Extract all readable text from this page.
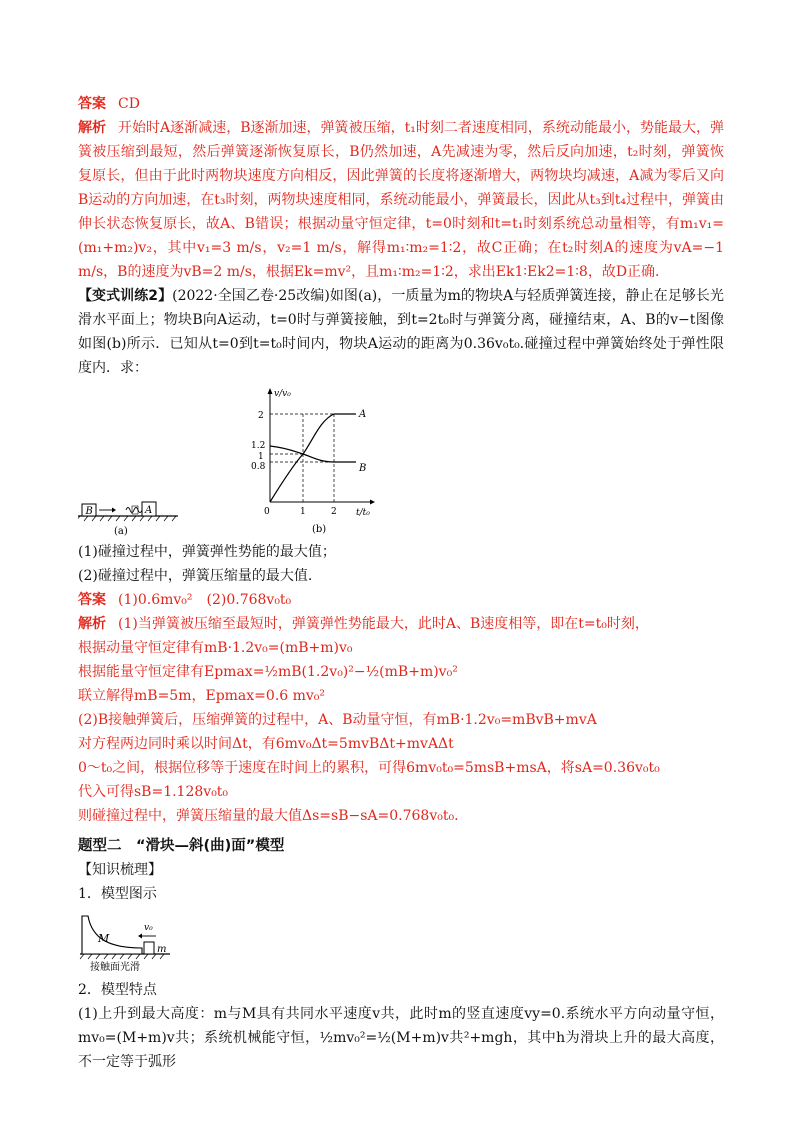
答案 CD

解析 开始时A逐渐减速，B逐渐加速，弹簧被压缩，t₁时刻二者速度相同，系统动能最小，势能最大，弹簧被压缩到最短，然后弹簧逐渐恢复原长，B仍然加速，A先减速为零，然后反向加速，t₂时刻，弹簧恢复原长，但由于此时两物块速度方向相反，因此弹簧的长度将逐渐增大，两物块均减速，A减为零后又向B运动的方向加速，在t₃时刻，两物块速度相同，系统动能最小，弹簧最长，因此从t₃到t₄过程中，弹簧由伸长状态恢复原长，故A、B错误；根据动量守恒定律，t=0时刻和t=t₁时刻系统总动量相等，有m₁v₁=(m₁+m₂)v₂，其中v₁=3 m/s，v₂=1 m/s，解得m₁∶m₂=1∶2，故C正确；在t₂时刻A的速度为vA=−1 m/s，B的速度为vB=2 m/s，根据Ek=mv²，且m₁∶m₂=1∶2，求出Ek1∶Ek2=1∶8，故D正确．

【变式训练2】(2022·全国乙卷·25改编)如图(a)，一质量为m的物块A与轻质弹簧连接，静止在足够长光滑水平面上；物块B向A运动，t=0时与弹簧接触，到t=2t₀时与弹簧分离，碰撞结束，A、B的v−t图像如图(b)所示．已知从t=0到t=t₀时间内，物块A运动的距离为0.36v₀t₀.碰撞过程中弹簧始终处于弹性限度内．求：

B	A
(a)
v/v₀
t/t₀
0
2
1.2
1
0.8
1	2
A
B
(b)

(1)碰撞过程中，弹簧弹性势能的最大值；

(2)碰撞过程中，弹簧压缩量的最大值.

答案 (1)0.6mv₀²　(2)0.768v₀t₀

解析 (1)当弹簧被压缩至最短时，弹簧弹性势能最大，此时A、B速度相等，即在t=t₀时刻，

根据动量守恒定律有mB·1.2v₀=(mB+m)v₀

根据能量守恒定律有Epmax=½mB(1.2v₀)²−½(mB+m)v₀²

联立解得mB=5m，Epmax=0.6 mv₀²

(2)B接触弹簧后，压缩弹簧的过程中，A、B动量守恒，有mB·1.2v₀=mBvB+mvA

对方程两边同时乘以时间Δt，有6mv₀Δt=5mvBΔt+mvAΔt

0～t₀之间，根据位移等于速度在时间上的累积，可得6mv₀t₀=5msB+msA，将sA=0.36v₀t₀

代入可得sB=1.128v₀t₀

则碰撞过程中，弹簧压缩量的最大值Δs=sB−sA=0.768v₀t₀.

题型二　“滑块—斜(曲)面”模型

【知识梳理】

1．模型图示

M
m
v₀
接触面光滑

2．模型特点

(1)上升到最大高度：m与M具有共同水平速度v共，此时m的竖直速度vy=0.系统水平方向动量守恒，mv₀=(M+m)v共；系统机械能守恒，½mv₀²=½(M+m)v共²+mgh，其中h为滑块上升的最大高度，不一定等于弧形
